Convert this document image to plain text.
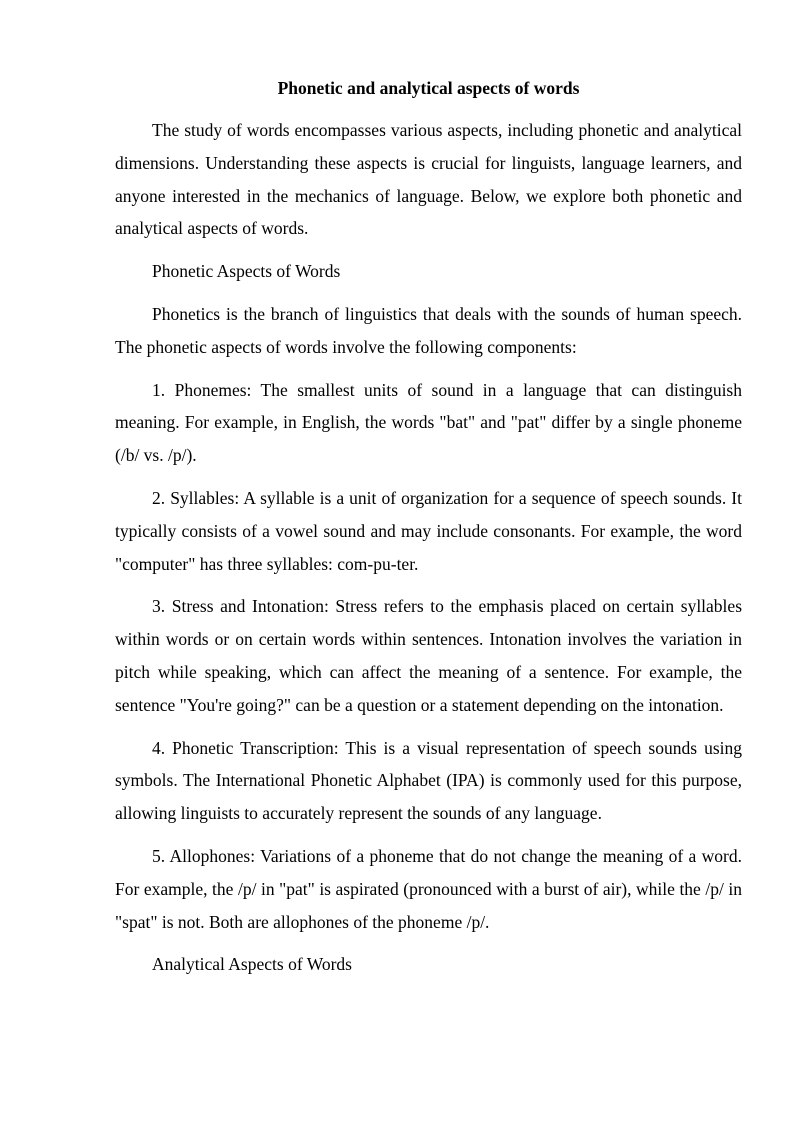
Phonetic and analytical aspects of words

The study of words encompasses various aspects, including phonetic and analytical dimensions. Understanding these aspects is crucial for linguists, language learners, and anyone interested in the mechanics of language. Below, we explore both phonetic and analytical aspects of words.

Phonetic Aspects of Words

Phonetics is the branch of linguistics that deals with the sounds of human speech. The phonetic aspects of words involve the following components:

1. Phonemes: The smallest units of sound in a language that can distinguish meaning. For example, in English, the words "bat" and "pat" differ by a single phoneme (/b/ vs. /p/).

2. Syllables: A syllable is a unit of organization for a sequence of speech sounds. It typically consists of a vowel sound and may include consonants. For example, the word "computer" has three syllables: com-pu-ter.

3. Stress and Intonation: Stress refers to the emphasis placed on certain syllables within words or on certain words within sentences. Intonation involves the variation in pitch while speaking, which can affect the meaning of a sentence. For example, the sentence "You're going?" can be a question or a statement depending on the intonation.

4. Phonetic Transcription: This is a visual representation of speech sounds using symbols. The International Phonetic Alphabet (IPA) is commonly used for this purpose, allowing linguists to accurately represent the sounds of any language.

5. Allophones: Variations of a phoneme that do not change the meaning of a word. For example, the /p/ in "pat" is aspirated (pronounced with a burst of air), while the /p/ in "spat" is not. Both are allophones of the phoneme /p/.

Analytical Aspects of Words
